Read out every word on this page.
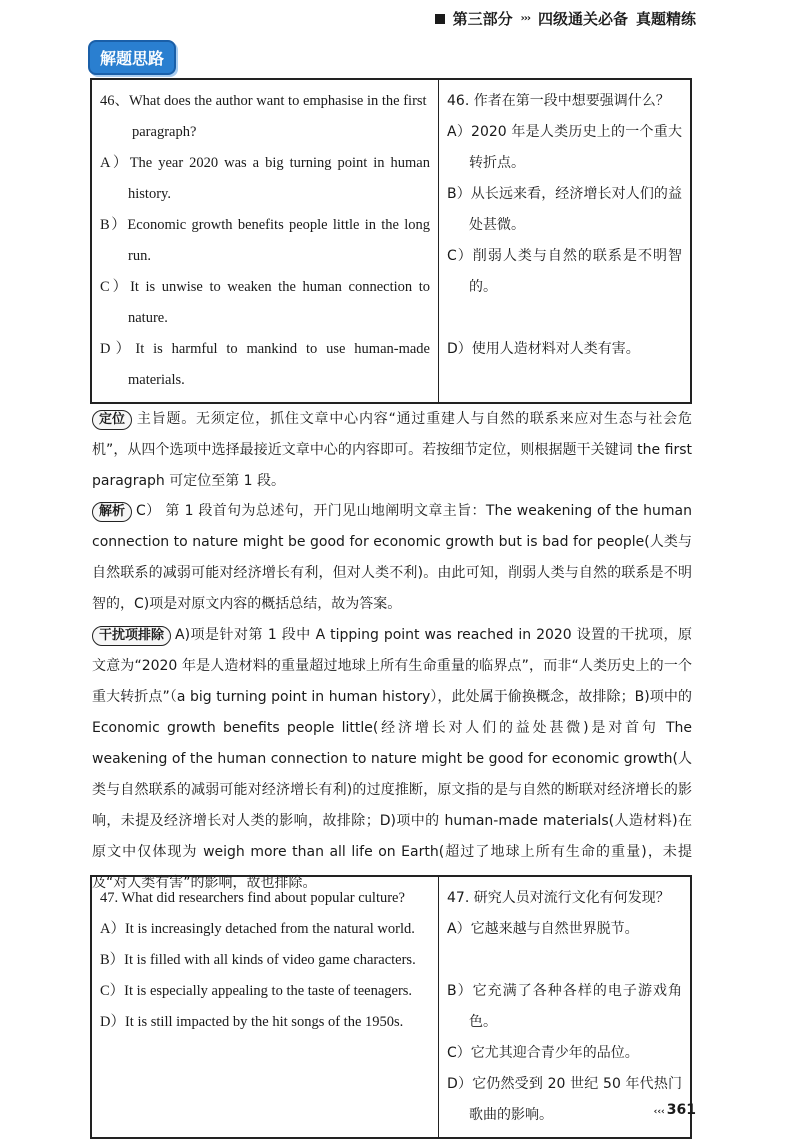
第三部分 ››› 四级通关必备 真题精练
解题思路
46、What does the author want to emphasise in the first paragraph?
A）The year 2020 was a big turning point in human history.
B）Economic growth benefits people little in the long run.
C）It is unwise to weaken the human connection to nature.
D）It is harmful to mankind to use human-made materials.

46. 作者在第一段中想要强调什么？
A）2020 年是人类历史上的一个重大转折点。
B）从长远来看，经济增长对人们的益处甚微。
C）削弱人类与自然的联系是不明智的。
D）使用人造材料对人类有害。
定位 主旨题。无须定位，抓住文章中心内容“通过重建人与自然的联系来应对生态与社会危机”，从四个选项中选择最接近文章中心的内容即可。若按细节定位，则根据题干关键词 the first paragraph 可定位至第 1 段。
解析 C） 第 1 段首句为总述句，开门见山地阐明文章主旨：The weakening of the human connection to nature might be good for economic growth but is bad for people(人类与自然联系的减弱可能对经济增长有利，但对人类不利)。由此可知，削弱人类与自然的联系是不明智的，C)项是对原文内容的概括总结，故为答案。
干扰项排除 A)项是针对第 1 段中 A tipping point was reached in 2020 设置的干扰项，原文意为“2020 年是人造材料的重量超过地球上所有生命重量的临界点”，而非“人类历史上的一个重大转折点”（a big turning point in human history），此处属于偷换概念，故排除；B)项中的 Economic growth benefits people little(经济增长对人们的益处甚微)是对首句 The weakening of the human connection to nature might be good for economic growth(人类与自然联系的减弱可能对经济增长有利)的过度推断，原文指的是与自然的断联对经济增长的影响，未提及经济增长对人类的影响，故排除；D)项中的 human-made materials(人造材料)在原文中仅体现为 weigh more than all life on Earth(超过了地球上所有生命的重量)，未提及“对人类有害”的影响，故也排除。
47. What did researchers find about popular culture?
A）It is increasingly detached from the natural world.
B）It is filled with all kinds of video game characters.
C）It is especially appealing to the taste of teenagers.
D）It is still impacted by the hit songs of the 1950s.

47. 研究人员对流行文化有何发现？
A）它越来越与自然世界脱节。
B）它充满了各种各样的电子游戏角色。
C）它尤其迎合青少年的品位。
D）它仍然受到 20 世纪 50 年代热门歌曲的影响。	‹‹‹ 361
